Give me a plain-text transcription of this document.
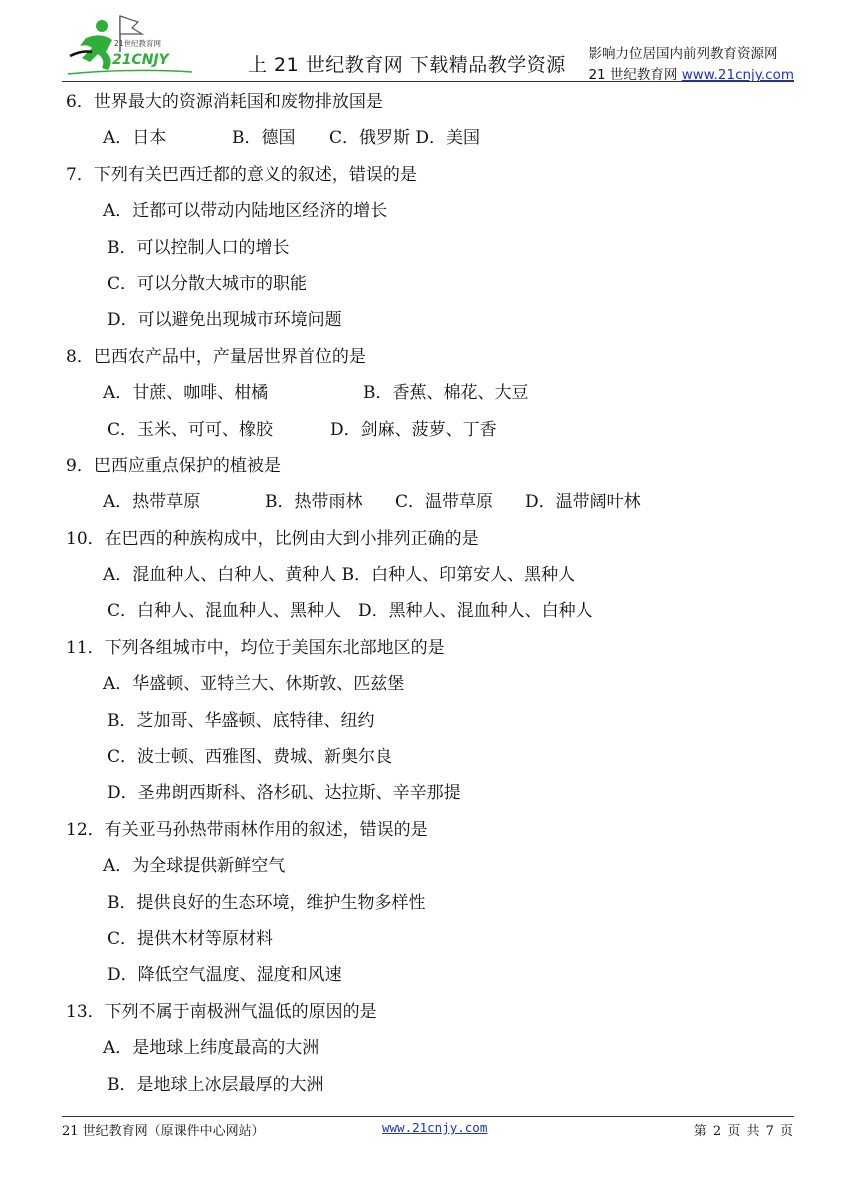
21世纪教育网
21CNJY	上 21 世纪教育网 下载精品教学资源 影响力位居国内前列教育资源网
21 世纪教育网 www.21cnjy.com
6．世界最大的资源消耗国和废物排放国是
A．日本	B．德国 C．俄罗斯 D．美国
7．下列有关巴西迁都的意义的叙述，错误的是
A．迁都可以带动内陆地区经济的增长
B．可以控制人口的增长
C．可以分散大城市的职能
D．可以避免出现城市环境问题
8．巴西农产品中，产量居世界首位的是
A．甘蔗、咖啡、柑橘	B．香蕉、棉花、大豆
C．玉米、可可、橡胶	D．剑麻、菠萝、丁香
9．巴西应重点保护的植被是
A．热带草原	B．热带雨林 C．温带草原 D．温带阔叶林
10．在巴西的种族构成中，比例由大到小排列正确的是
A．混血种人、白种人、黄种人 B．白种人、印第安人、黑种人
C．白种人、混血种人、黑种人 D．黑种人、混血种人、白种人
11．下列各组城市中，均位于美国东北部地区的是
A．华盛顿、亚特兰大、休斯敦、匹兹堡
B．芝加哥、华盛顿、底特律、纽约
C．波士顿、西雅图、费城、新奥尔良
D．圣弗朗西斯科、洛杉矶、达拉斯、辛辛那提
12．有关亚马孙热带雨林作用的叙述，错误的是
A．为全球提供新鲜空气
B．提供良好的生态环境，维护生物多样性
C．提供木材等原材料
D．降低空气温度、湿度和风速
13．下列不属于南极洲气温低的原因的是
A．是地球上纬度最高的大洲
B．是地球上冰层最厚的大洲
21 世纪教育网（原课件中心网站）	www.21cnjy.com	第 2 页 共 7 页
